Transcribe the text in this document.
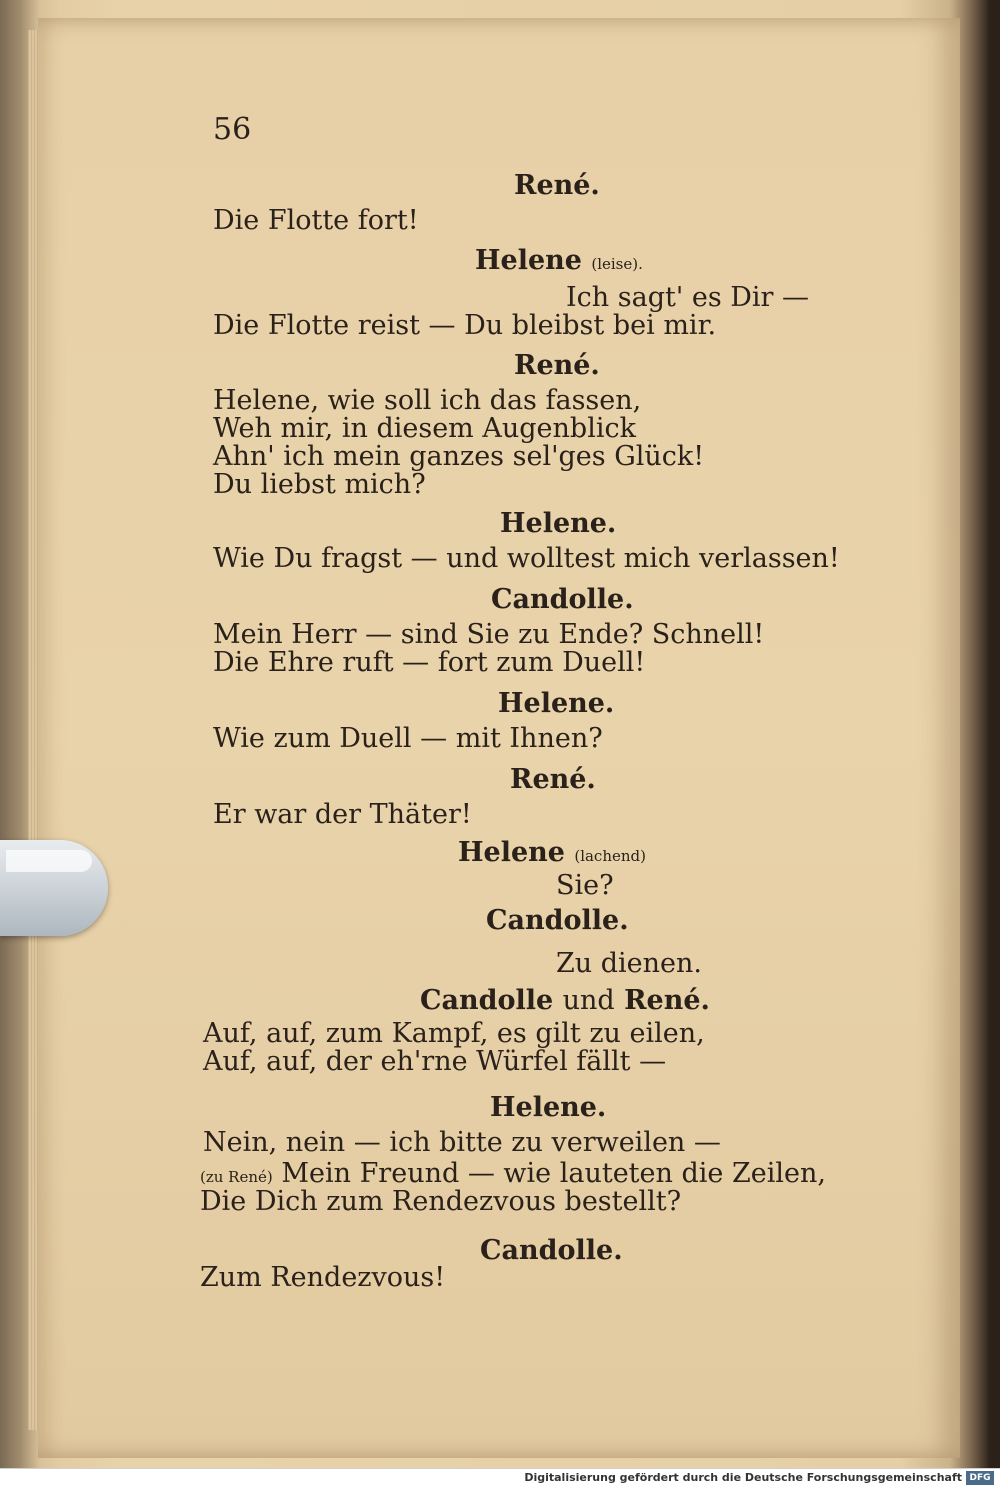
56
René.
Die Flotte fort!
Helene (leise).
Ich sagt' es Dir —
Die Flotte reist — Du bleibst bei mir.
René.
Helene, wie soll ich das fassen,
Weh mir, in diesem Augenblick
Ahn' ich mein ganzes sel'ges Glück!
Du liebst mich?
Helene.
Wie Du fragst — und wolltest mich verlassen!
Candolle.
Mein Herr — sind Sie zu Ende? Schnell!
Die Ehre ruft — fort zum Duell!
Helene.
Wie zum Duell — mit Ihnen?
René.
Er war der Thäter!
Helene (lachend)
Sie?
Candolle.
Zu dienen.
Candolle und René.
Auf, auf, zum Kampf, es gilt zu eilen,
Auf, auf, der eh'rne Würfel fällt —
Helene.
Nein, nein — ich bitte zu verweilen —
(zu René) Mein Freund — wie lauteten die Zeilen,
Die Dich zum Rendezvous bestellt?
Candolle.
Zum Rendezvous!
Digitalisierung gefördert durch die Deutsche Forschungsgemeinschaft DFG
